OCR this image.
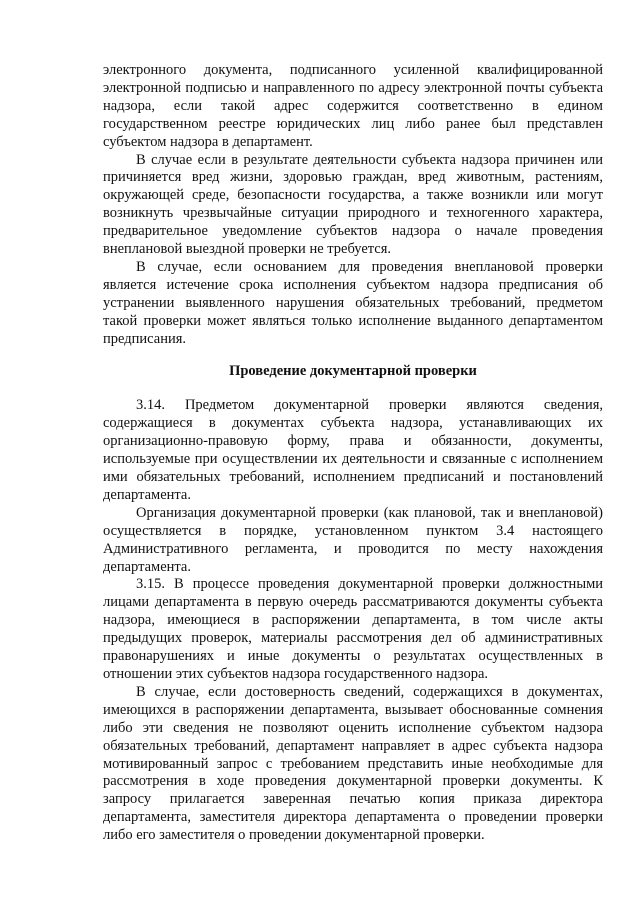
электронного документа, подписанного усиленной квалифицированной электронной подписью и направленного по адресу электронной почты субъекта надзора, если такой адрес содержится соответственно в едином государственном реестре юридических лиц либо ранее был представлен субъектом надзора в департамент.

В случае если в результате деятельности субъекта надзора причинен или причиняется вред жизни, здоровью граждан, вред животным, растениям, окружающей среде, безопасности государства, а также возникли или могут возникнуть чрезвычайные ситуации природного и техногенного характера, предварительное уведомление субъектов надзора о начале проведения внеплановой выездной проверки не требуется.

В случае, если основанием для проведения внеплановой проверки является истечение срока исполнения субъектом надзора предписания об устранении выявленного нарушения обязательных требований, предметом такой проверки может являться только исполнение выданного департаментом предписания.

Проведение документарной проверки

3.14. Предметом документарной проверки являются сведения, содержащиеся в документах субъекта надзора, устанавливающих их организационно-правовую форму, права и обязанности, документы, используемые при осуществлении их деятельности и связанные с исполнением ими обязательных требований, исполнением предписаний и постановлений департамента.

Организация документарной проверки (как плановой, так и внеплановой) осуществляется в порядке, установленном пунктом 3.4 настоящего Административного регламента, и проводится по месту нахождения департамента.

3.15. В процессе проведения документарной проверки должностными лицами департамента в первую очередь рассматриваются документы субъекта надзора, имеющиеся в распоряжении департамента, в том числе акты предыдущих проверок, материалы рассмотрения дел об административных правонарушениях и иные документы о результатах осуществленных в отношении этих субъектов надзора государственного надзора.

В случае, если достоверность сведений, содержащихся в документах, имеющихся в распоряжении департамента, вызывает обоснованные сомнения либо эти сведения не позволяют оценить исполнение субъектом надзора обязательных требований, департамент направляет в адрес субъекта надзора мотивированный запрос с требованием представить иные необходимые для рассмотрения в ходе проведения документарной проверки документы. К запросу прилагается заверенная печатью копия приказа директора департамента, заместителя директора департамента о проведении проверки либо его заместителя о проведении документарной проверки.
